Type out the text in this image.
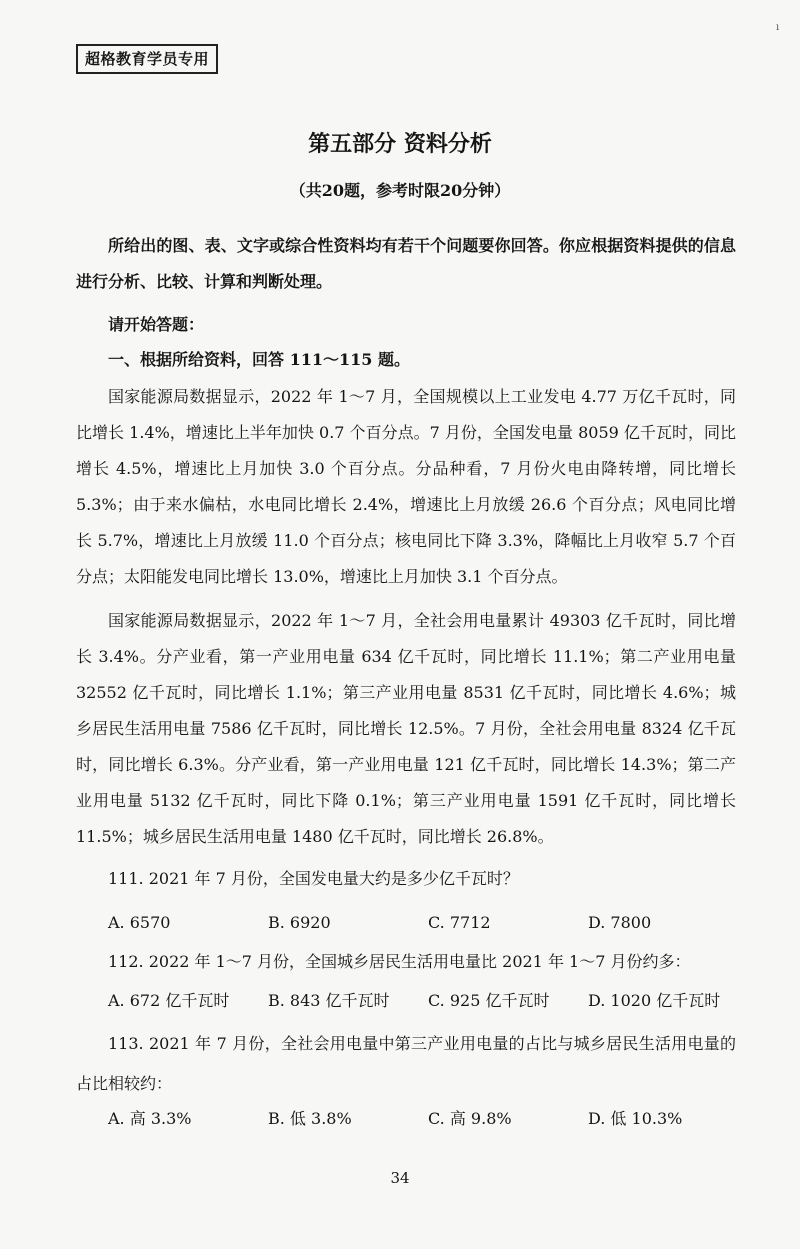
超格教育学员专用
ı
第五部分 资料分析
（共20题，参考时限20分钟）
所给出的图、表、文字或综合性资料均有若干个问题要你回答。你应根据资料提供的信息进行分析、比较、计算和判断处理。
请开始答题：
一、根据所给资料，回答 111～115 题。
国家能源局数据显示，2022 年 1～7 月，全国规模以上工业发电 4.77 万亿千瓦时，同比增长 1.4%，增速比上半年加快 0.7 个百分点。7 月份，全国发电量 8059 亿千瓦时，同比增长 4.5%，增速比上月加快 3.0 个百分点。分品种看，7 月份火电由降转增，同比增长 5.3%；由于来水偏枯，水电同比增长 2.4%，增速比上月放缓 26.6 个百分点；风电同比增长 5.7%，增速比上月放缓 11.0 个百分点；核电同比下降 3.3%，降幅比上月收窄 5.7 个百分点；太阳能发电同比增长 13.0%，增速比上月加快 3.1 个百分点。
国家能源局数据显示，2022 年 1～7 月，全社会用电量累计 49303 亿千瓦时，同比增长 3.4%。分产业看，第一产业用电量 634 亿千瓦时，同比增长 11.1%；第二产业用电量 32552 亿千瓦时，同比增长 1.1%；第三产业用电量 8531 亿千瓦时，同比增长 4.6%；城乡居民生活用电量 7586 亿千瓦时，同比增长 12.5%。7 月份，全社会用电量 8324 亿千瓦时，同比增长 6.3%。分产业看，第一产业用电量 121 亿千瓦时，同比增长 14.3%；第二产业用电量 5132 亿千瓦时，同比下降 0.1%；第三产业用电量 1591 亿千瓦时，同比增长 11.5%；城乡居民生活用电量 1480 亿千瓦时，同比增长 26.8%。
111. 2021 年 7 月份，全国发电量大约是多少亿千瓦时？
A. 6570	B. 6920	C. 7712	D. 7800
112. 2022 年 1～7 月份，全国城乡居民生活用电量比 2021 年 1～7 月份约多：
A. 672 亿千瓦时	B. 843 亿千瓦时	C. 925 亿千瓦时	D. 1020 亿千瓦时
113. 2021 年 7 月份，全社会用电量中第三产业用电量的占比与城乡居民生活用电量的占比相较约：
A. 高 3.3%	B. 低 3.8%	C. 高 9.8%	D. 低 10.3%
34
